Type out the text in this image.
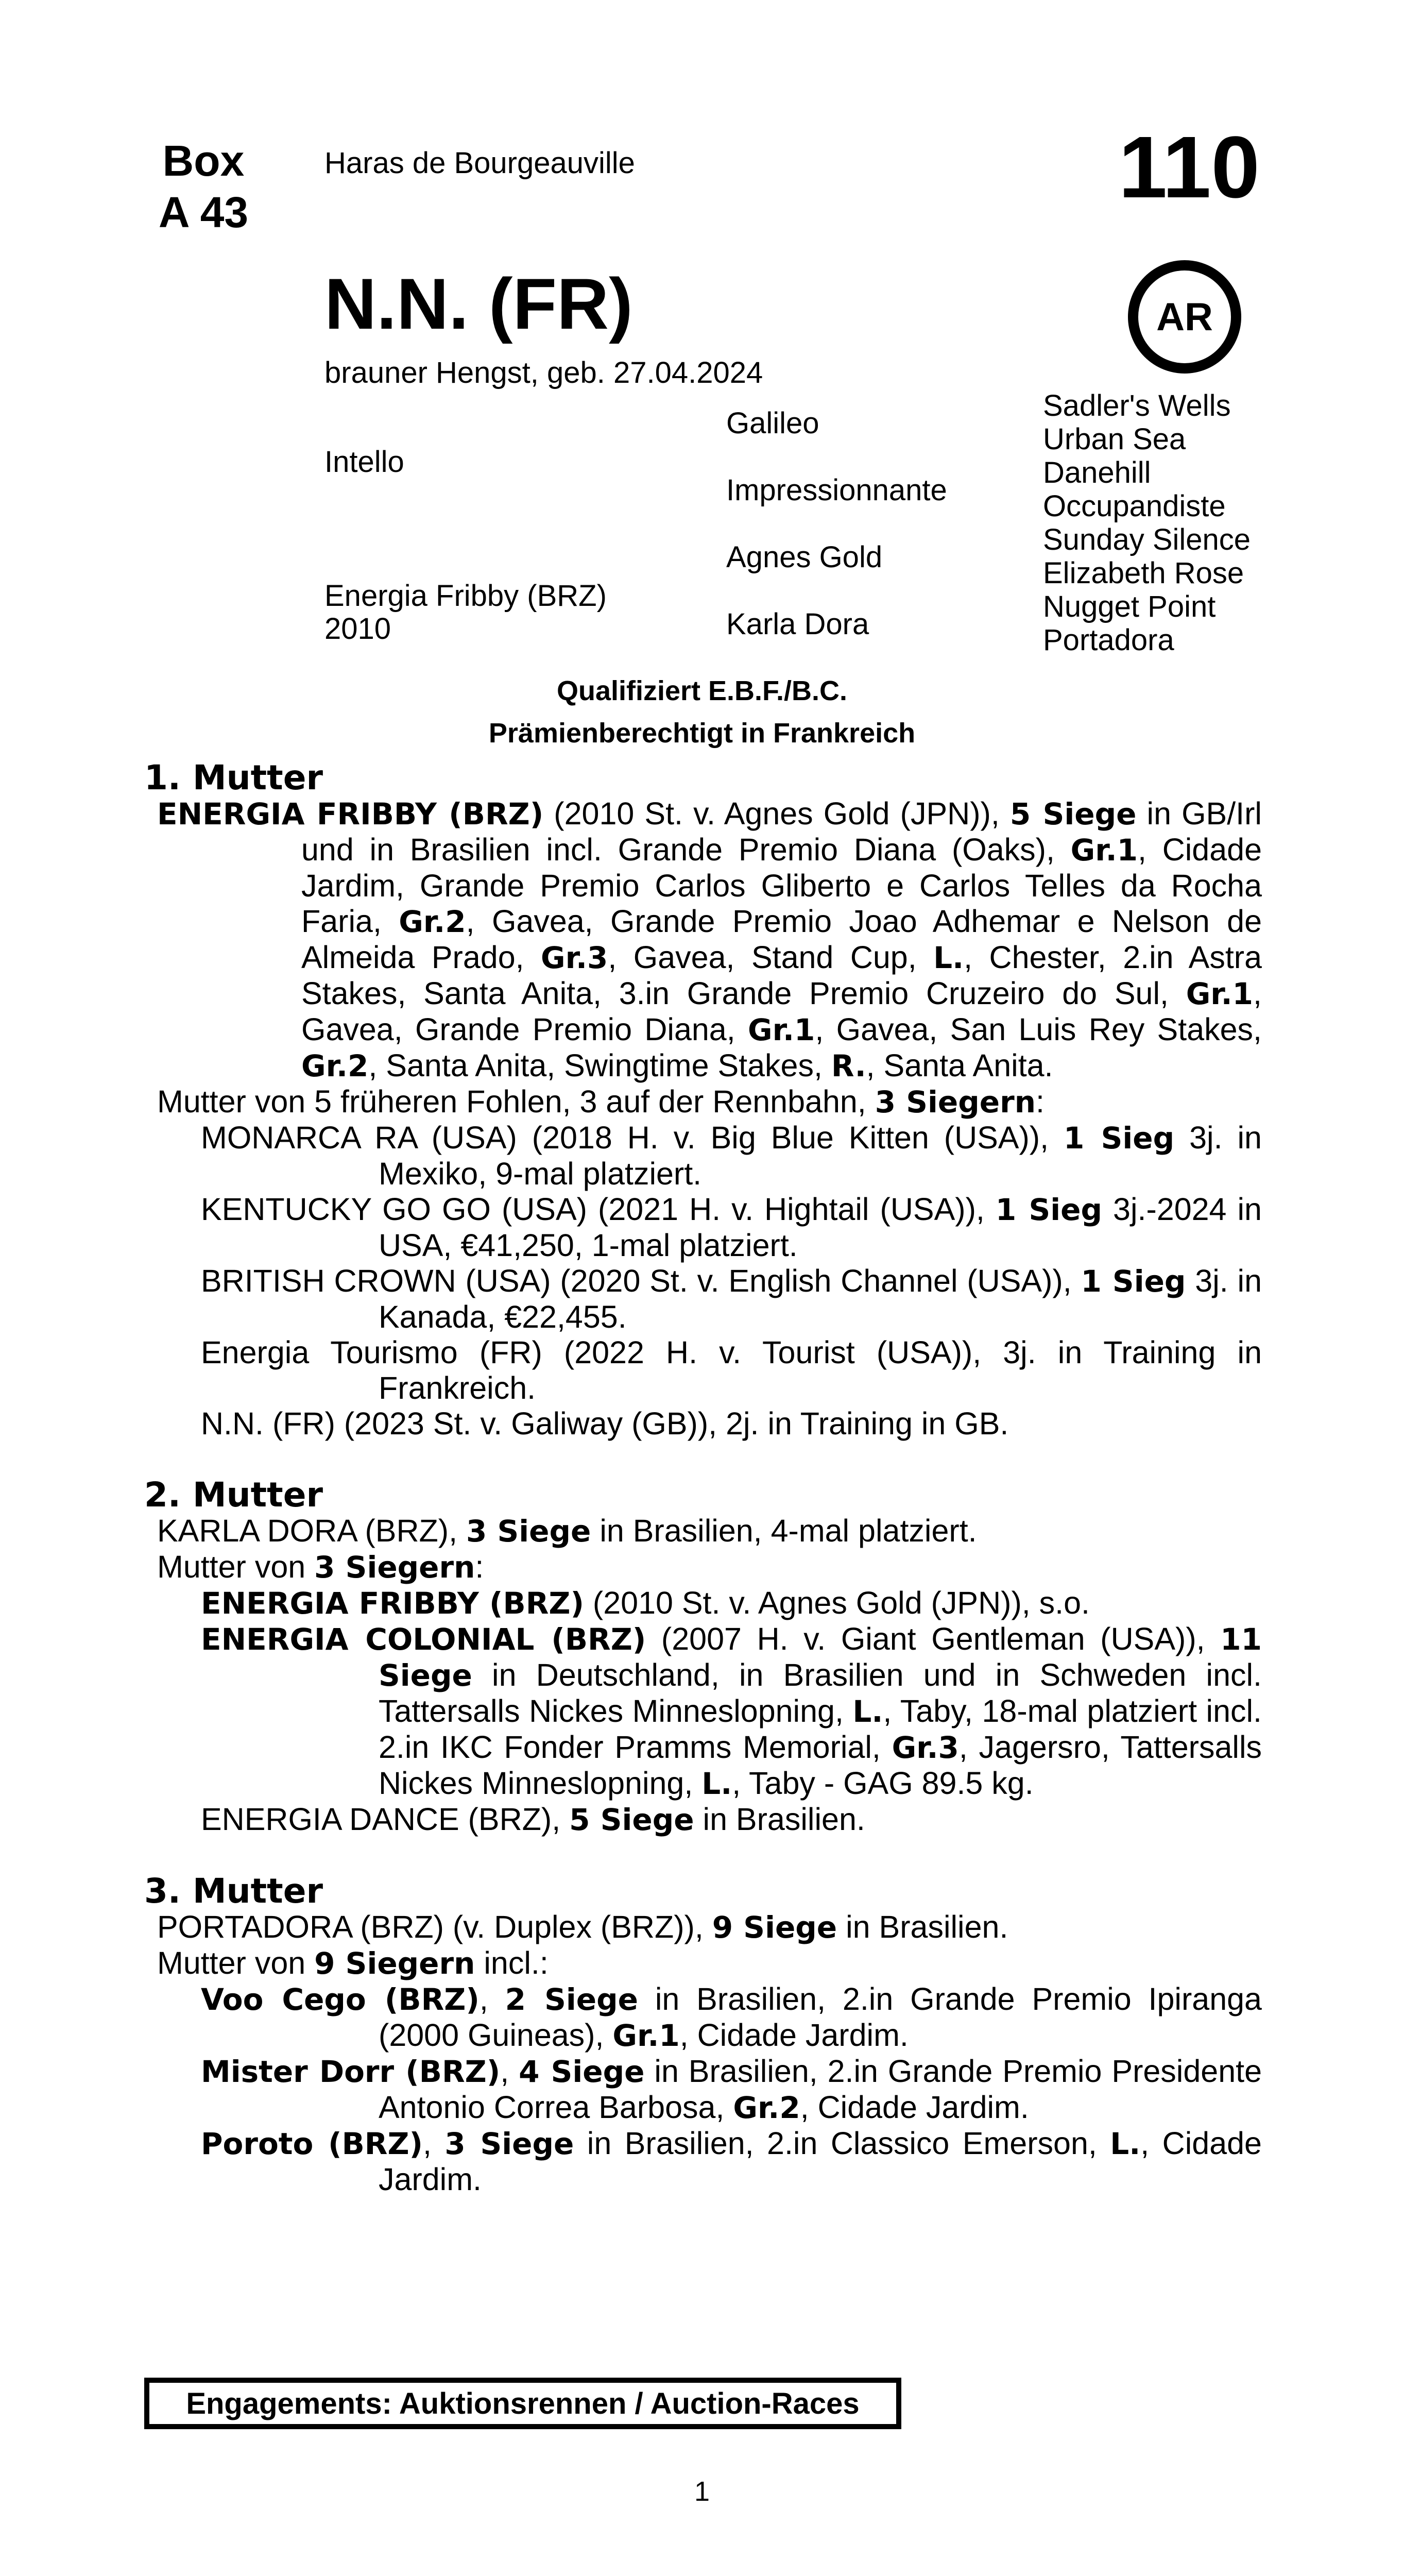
Box
A 43
Haras de Bourgeauville	110
AR
N.N. (FR)
brauner Hengst, geb. 27.04.2024
Intello
Energia Fribby (BRZ)
2010
Galileo
Impressionnante
Agnes Gold
Karla Dora
Sadler's Wells
Urban Sea
Danehill
Occupandiste
Sunday Silence
Elizabeth Rose
Nugget Point
Portadora
Qualifiziert E.B.F./B.C.
Prämienberechtigt in Frankreich
1. Mutter
ENERGIA FRIBBY (BRZ) (2010 St. v. Agnes Gold (JPN)), 5 Siege in GB/Irl und in Brasilien incl. Grande Premio Diana (Oaks), Gr.1, Cidade Jardim, Grande Premio Carlos Gliberto e Carlos Telles da Rocha Faria, Gr.2, Gavea, Grande Premio Joao Adhemar e Nelson de Almeida Prado, Gr.3, Gavea, Stand Cup, L., Chester, 2.in Astra Stakes, Santa Anita, 3.in Grande Premio Cruzeiro do Sul, Gr.1, Gavea, Grande Premio Diana, Gr.1, Gavea, San Luis Rey Stakes, Gr.2, Santa Anita, Swingtime Stakes, R., Santa Anita.
Mutter von 5 früheren Fohlen, 3 auf der Rennbahn, 3 Siegern:
MONARCA RA (USA) (2018 H. v. Big Blue Kitten (USA)), 1 Sieg 3j. in Mexiko, 9-mal platziert.
KENTUCKY GO GO (USA) (2021 H. v. Hightail (USA)), 1 Sieg 3j.-2024 in USA, €41,250, 1-mal platziert.
BRITISH CROWN (USA) (2020 St. v. English Channel (USA)), 1 Sieg 3j. in Kanada, €22,455.
Energia Tourismo (FR) (2022 H. v. Tourist (USA)), 3j. in Training in Frankreich.
N.N. (FR) (2023 St. v. Galiway (GB)), 2j. in Training in GB.
2. Mutter
KARLA DORA (BRZ), 3 Siege in Brasilien, 4-mal platziert.
Mutter von 3 Siegern:
ENERGIA FRIBBY (BRZ) (2010 St. v. Agnes Gold (JPN)), s.o.
ENERGIA COLONIAL (BRZ) (2007 H. v. Giant Gentleman (USA)), 11 Siege in Deutschland, in Brasilien und in Schweden incl. Tattersalls Nickes Minneslopning, L., Taby, 18-mal platziert incl. 2.in IKC Fonder Pramms Memorial, Gr.3, Jagersro, Tattersalls Nickes Minneslopning, L., Taby - GAG 89.5 kg.
ENERGIA DANCE (BRZ), 5 Siege in Brasilien.
3. Mutter
PORTADORA (BRZ) (v. Duplex (BRZ)), 9 Siege in Brasilien.
Mutter von 9 Siegern incl.:
Voo Cego (BRZ), 2 Siege in Brasilien, 2.in Grande Premio Ipiranga (2000 Guineas), Gr.1, Cidade Jardim.
Mister Dorr (BRZ), 4 Siege in Brasilien, 2.in Grande Premio Presidente Antonio Correa Barbosa, Gr.2, Cidade Jardim.
Poroto (BRZ), 3 Siege in Brasilien, 2.in Classico Emerson, L., Cidade Jardim.
Engagements: Auktionsrennen / Auction-Races
1
